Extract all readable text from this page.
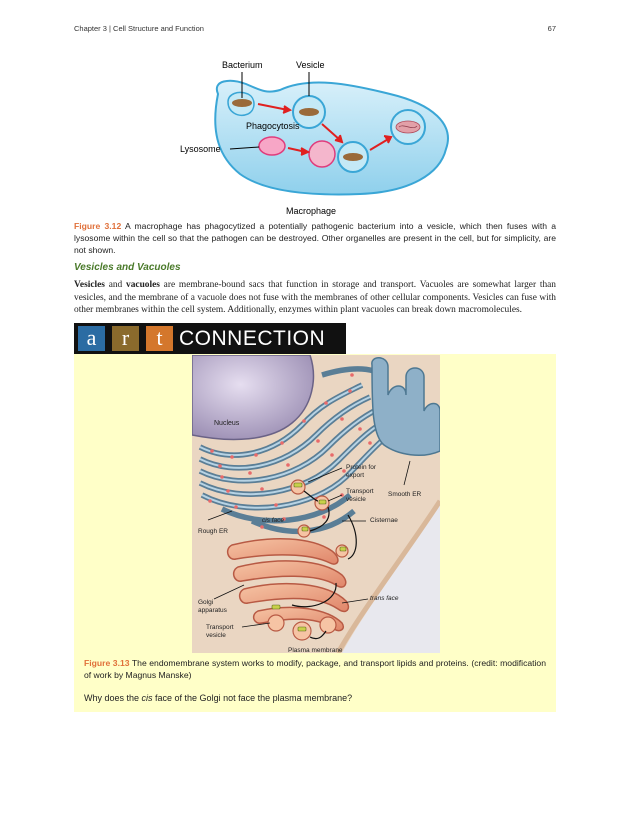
Chapter 3 | Cell Structure and Function	67
Bacterium	Vesicle
Phagocytosis
Lysosome
Macrophage
Figure 3.12 A macrophage has phagocytized a potentially pathogenic bacterium into a vesicle, which then fuses with a lysosome within the cell so that the pathogen can be destroyed. Other organelles are present in the cell, but for simplicity, are not shown.
Vesicles and Vacuoles
Vesicles and vacuoles are membrane-bound sacs that function in storage and transport. Vacuoles are somewhat larger than vesicles, and the membrane of a vacuole does not fuse with the membranes of other cellular components. Vesicles can fuse with other membranes within the cell system. Additionally, enzymes within plant vacuoles can break down macromolecules.
a	r	t CONNECTION
Nucleus
Protein for
export
Transport
vesicle
Smooth ER
cis face	Cisternae
Rough ER
trans face
Golgi
apparatus
Transport
vesicle
Plasma membrane
Figure 3.13 The endomembrane system works to modify, package, and transport lipids and proteins. (credit: modification of work by Magnus Manske)
Why does the cis face of the Golgi not face the plasma membrane?
